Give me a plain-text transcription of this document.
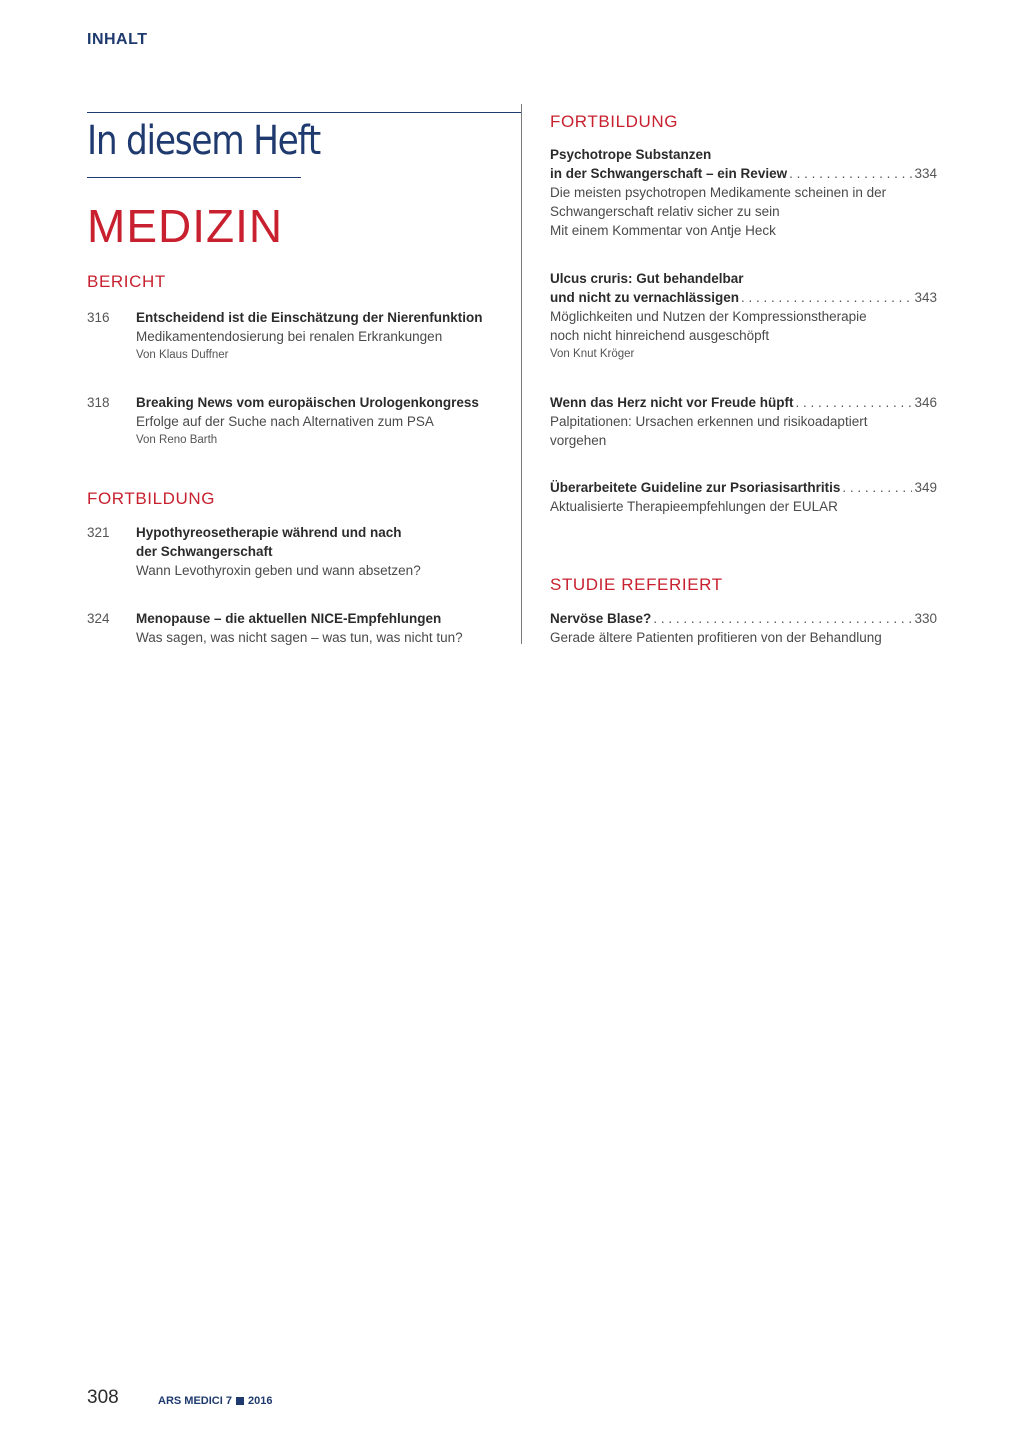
INHALT
In diesem Heft
MEDIZIN
BERICHT
316	Entscheidend ist die Einschätzung der Nierenfunktion
Medikamentendosierung bei renalen Erkrankungen
Von Klaus Duffner
318	Breaking News vom europäischen Urologenkongress
Erfolge auf der Suche nach Alternativen zum PSA
Von Reno Barth
FORTBILDUNG
321	Hypothyreosetherapie während und nach
der Schwangerschaft
Wann Levothyroxin geben und wann absetzen?
324	Menopause – die aktuellen NICE-Empfehlungen
Was sagen, was nicht sagen – was tun, was nicht tun?
FORTBILDUNG
Psychotrope Substanzen
in der Schwangerschaft – ein Review . . .	334
Die meisten psychotropen Medikamente scheinen in der
Schwangerschaft relativ sicher zu sein
Mit einem Kommentar von Antje Heck
Ulcus cruris: Gut behandelbar
und nicht zu vernachlässigen . . .	343
Möglichkeiten und Nutzen der Kompressionstherapie
noch nicht hinreichend ausgeschöpft
Von Knut Kröger
Wenn das Herz nicht vor Freude hüpft . . .	346
Palpitationen: Ursachen erkennen und risikoadaptiert
vorgehen
Überarbeitete Guideline zur Psoriasisarthritis . . .	349
Aktualisierte Therapieempfehlungen der EULAR
STUDIE REFERIERT
Nervöse Blase? . . .	330
Gerade ältere Patienten profitieren von der Behandlung
308	ARS MEDICI 7 2016
